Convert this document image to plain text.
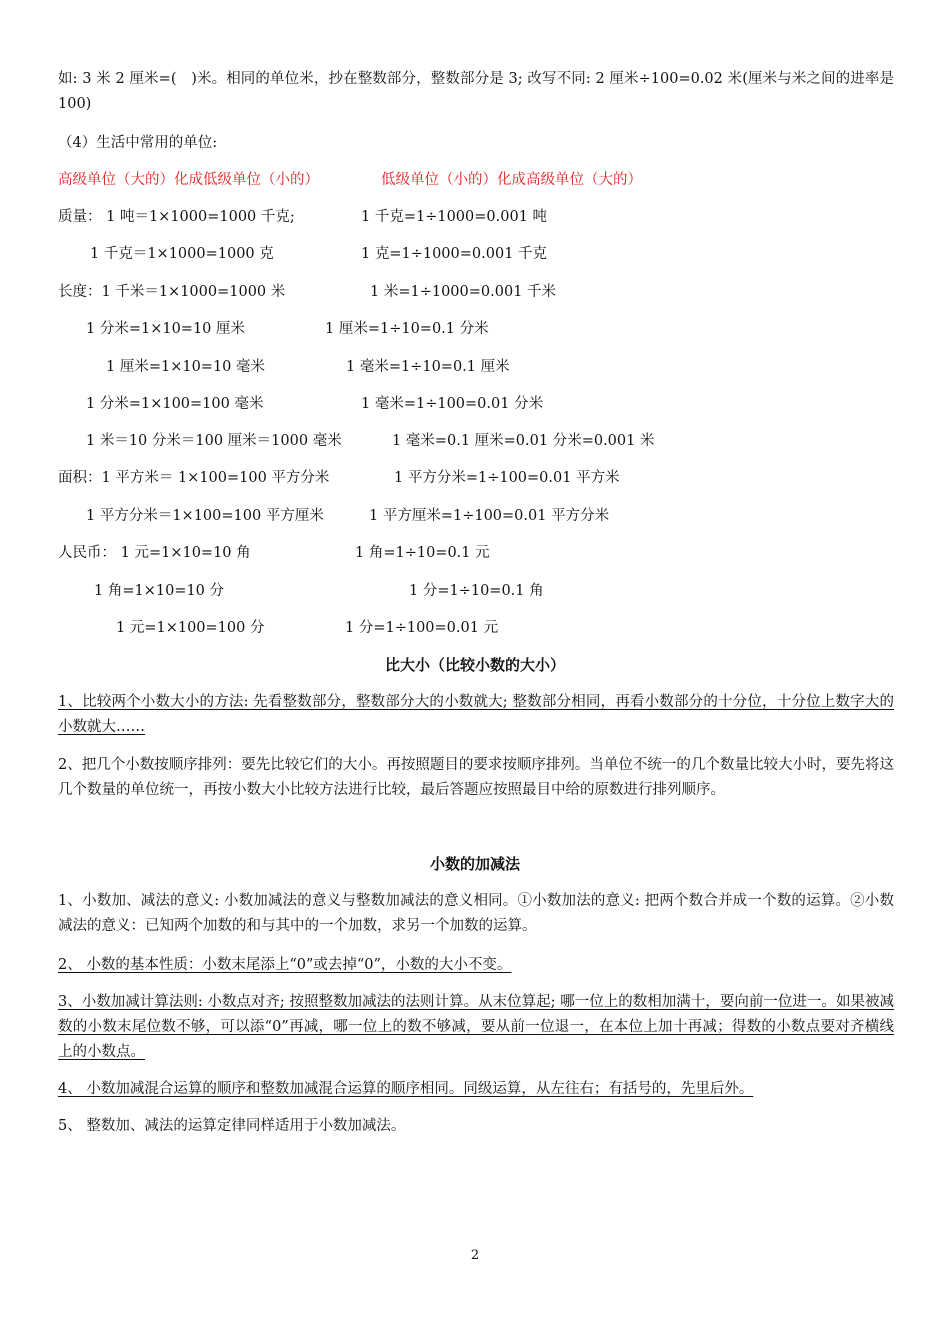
如: 3 米 2 厘米=(　)米。相同的单位米，抄在整数部分，整数部分是 3; 改写不同: 2 厘米÷100=0.02 米(厘米与米之间的进率是 100)
（4）生活中常用的单位:
高级单位（大的）化成低级单位（小的）	低级单位（小的）化成高级单位（大的）
质量： 1 吨＝1×1000=1000 千克;	1 千克=1÷1000=0.001 吨
1 千克＝1×1000=1000 克	1 克=1÷1000=0.001 千克
长度：1 千米＝1×1000=1000 米	1 米=1÷1000=0.001 千米
1 分米=1×10=10 厘米	1 厘米=1÷10=0.1 分米
1 厘米=1×10=10 毫米	1 毫米=1÷10=0.1 厘米
1 分米=1×100=100 毫米	1 毫米=1÷100=0.01 分米
1 米＝10 分米＝100 厘米＝1000 毫米	1 毫米=0.1 厘米=0.01 分米=0.001 米
面积：1 平方米＝ 1×100=100 平方分米	1 平方分米=1÷100=0.01 平方米
1 平方分米＝1×100=100 平方厘米	1 平方厘米=1÷100=0.01 平方分米
人民币： 1 元=1×10=10 角	1 角=1÷10=0.1 元
1 角=1×10=10 分	1 分=1÷10=0.1 角
1 元=1×100=100 分	1 分=1÷100=0.01 元
比大小（比较小数的大小）
1、比较两个小数大小的方法: 先看整数部分，整数部分大的小数就大; 整数部分相同，再看小数部分的十分位，十分位上数字大的小数就大……
2、把几个小数按顺序排列：要先比较它们的大小。再按照题目的要求按顺序排列。当单位不统一的几个数量比较大小时，要先将这几个数量的单位统一，再按小数大小比较方法进行比较，最后答题应按照最目中给的原数进行排列顺序。
小数的加减法
1、小数加、减法的意义: 小数加减法的意义与整数加减法的意义相同。①小数加法的意义: 把两个数合并成一个数的运算。②小数减法的意义：已知两个加数的和与其中的一个加数，求另一个加数的运算。
2、 小数的基本性质：小数末尾添上“0”或去掉“0”，小数的大小不变。
3、小数加减计算法则: 小数点对齐; 按照整数加减法的法则计算。从末位算起; 哪一位上的数相加满十，要向前一位进一。如果被减数的小数末尾位数不够，可以添“0”再减，哪一位上的数不够减，要从前一位退一，在本位上加十再减；得数的小数点要对齐横线上的小数点。
4、 小数加减混合运算的顺序和整数加减混合运算的顺序相同。同级运算，从左往右；有括号的，先里后外。
5、 整数加、减法的运算定律同样适用于小数加减法。
2
